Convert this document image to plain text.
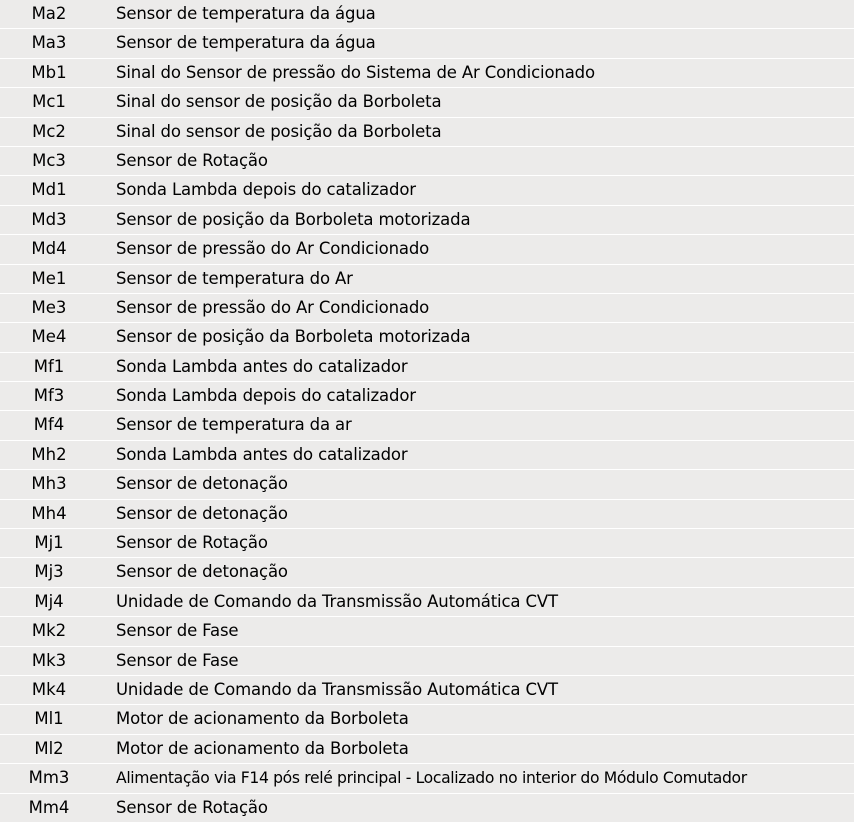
Ma2	Sensor de temperatura da água
Ma3	Sensor de temperatura da água
Mb1	Sinal do Sensor de pressão do Sistema de Ar Condicionado
Mc1	Sinal do sensor de posição da Borboleta
Mc2	Sinal do sensor de posição da Borboleta
Mc3	Sensor de Rotação
Md1	Sonda Lambda depois do catalizador
Md3	Sensor de posição da Borboleta motorizada
Md4	Sensor de pressão do Ar Condicionado
Me1	Sensor de temperatura do Ar
Me3	Sensor de pressão do Ar Condicionado
Me4	Sensor de posição da Borboleta motorizada
Mf1	Sonda Lambda antes do catalizador
Mf3	Sonda Lambda depois do catalizador
Mf4	Sensor de temperatura da ar
Mh2	Sonda Lambda antes do catalizador
Mh3	Sensor de detonação
Mh4	Sensor de detonação
Mj1	Sensor de Rotação
Mj3	Sensor de detonação
Mj4	Unidade de Comando da Transmissão Automática CVT
Mk2	Sensor de Fase
Mk3	Sensor de Fase
Mk4	Unidade de Comando da Transmissão Automática CVT
Ml1	Motor de acionamento da Borboleta
Ml2	Motor de acionamento da Borboleta
Mm3	Alimentação via F14 pós relé principal - Localizado no interior do Módulo Comutador
Mm4	Sensor de Rotação
